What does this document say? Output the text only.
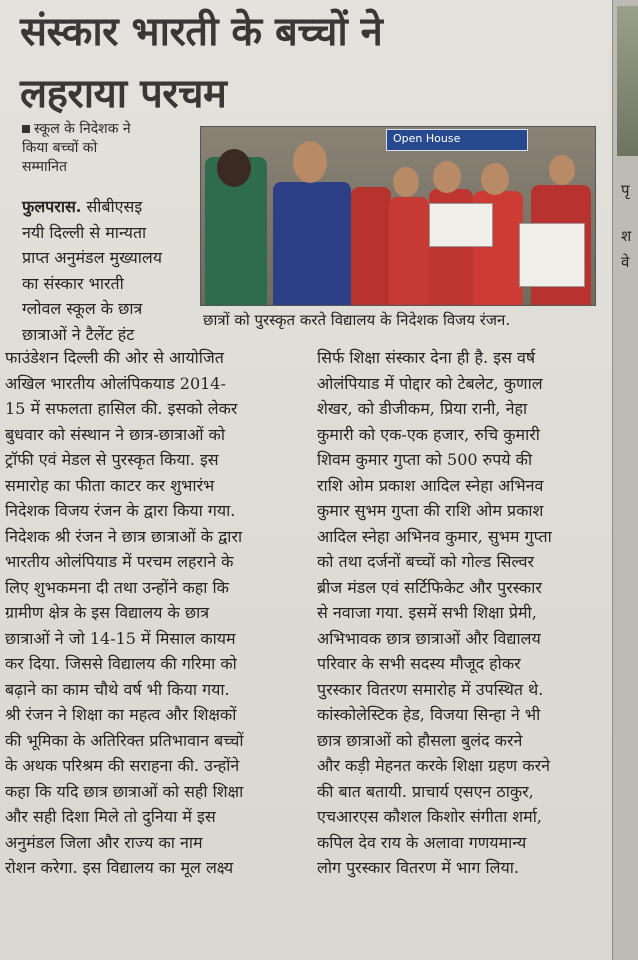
संस्कार भारती के बच्चों ने
लहराया परचम
स्कूल के निदेशक ने
किया बच्चों को
सम्मानित
Open House
छात्रों को पुरस्कृत करते विद्यालय के निदेशक विजय रंजन.
फुलपरास. सीबीएसइ
नयी दिल्ली से मान्यता
प्राप्त अनुमंडल मुख्यालय
का संस्कार भारती
ग्लोवल स्कूल के छात्र
छात्राओं ने टैलेंट हंट
फाउंडेशन दिल्ली की ओर से आयोजित
अखिल भारतीय ओलंपिकयाड 2014-
15 में सफलता हासिल की. इसको लेकर
बुधवार को संस्थान ने छात्र-छात्राओं को
ट्रॉफी एवं मेडल से पुरस्कृत किया. इस
समारोह का फीता काटर कर शुभारंभ
निदेशक विजय रंजन के द्वारा किया गया.
निदेशक श्री रंजन ने छात्र छात्राओं के द्वारा
भारतीय ओलंपियाड में परचम लहराने के
लिए शुभकमना दी तथा उन्होंने कहा कि
ग्रामीण क्षेत्र के इस विद्यालय के छात्र
छात्राओं ने जो 14-15 में मिसाल कायम
कर दिया. जिससे विद्यालय की गरिमा को
बढ़ाने का काम चौथे वर्ष भी किया गया.
श्री रंजन ने शिक्षा का महत्व और शिक्षकों
की भूमिका के अतिरिक्त प्रतिभावान बच्चों
के अथक परिश्रम की सराहना की. उन्होंने
कहा कि यदि छात्र छात्राओं को सही शिक्षा
और सही दिशा मिले तो दुनिया में इस
अनुमंडल जिला और राज्य का नाम
रोशन करेगा. इस विद्यालय का मूल लक्ष्य
सिर्फ शिक्षा संस्कार देना ही है. इस वर्ष
ओलंपियाड में पोद्दार को टेबलेट, कुणाल
शेखर, को डीजीकम, प्रिया रानी, नेहा
कुमारी को एक-एक हजार, रुचि कुमारी
शिवम कुमार गुप्ता को 500 रुपये की
राशि ओम प्रकाश आदिल स्नेहा अभिनव
कुमार सुभम गुप्ता की राशि ओम प्रकाश
आदिल स्नेहा अभिनव कुमार, सुभम गुप्ता
को तथा दर्जनों बच्चों को गोल्ड सिल्वर
ब्रीज मंडल एवं सर्टिफिकेट और पुरस्कार
से नवाजा गया. इसमें सभी शिक्षा प्रेमी,
अभिभावक छात्र छात्राओं और विद्यालय
परिवार के सभी सदस्य मौजूद होकर
पुरस्कार वितरण समारोह में उपस्थित थे.
कांस्कोलेस्टिक हेड, विजया सिन्हा ने भी
छात्र छात्राओं को हौसला बुलंद करने
और कड़ी मेहनत करके शिक्षा ग्रहण करने
की बात बतायी. प्राचार्य एसएन ठाकुर,
एचआरएस कौशल किशोर संगीता शर्मा,
कपिल देव राय के अलावा गणयमान्य
लोग पुरस्कार वितरण में भाग लिया.
पृ
श
वे
